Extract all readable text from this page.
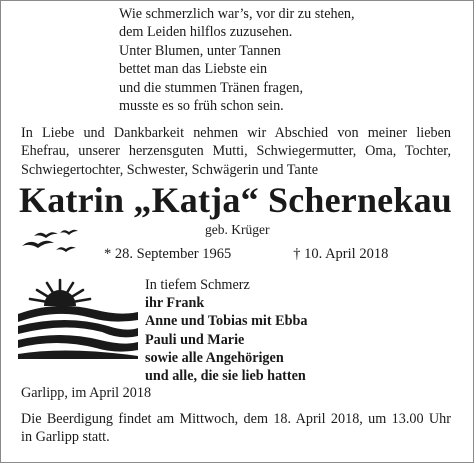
Wie schmerzlich war’s, vor dir zu stehen,
dem Leiden hilflos zuzusehen.
Unter Blumen, unter Tannen
bettet man das Liebste ein
und die stummen Tränen fragen,
musste es so früh schon sein.
In Liebe und Dankbarkeit nehmen wir Abschied von meiner lieben
Ehefrau, unserer herzensguten Mutti, Schwiegermutter, Oma, Tochter,
Schwiegertochter, Schwester, Schwägerin und Tante
Katrin „Katja“ Schernekau
geb. Krüger
* 28. September 1965	† 10. April 2018
In tiefem Schmerz
ihr Frank
Anne und Tobias mit Ebba
Pauli und Marie
sowie alle Angehörigen
und alle, die sie lieb hatten
Garlipp, im April 2018
Die Beerdigung findet am Mittwoch, dem 18. April 2018, um 13.00 Uhr
in Garlipp statt.
